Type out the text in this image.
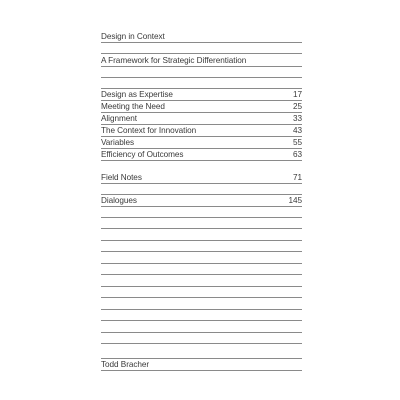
Design in Context
A Framework for Strategic Differentiation
Design as Expertise	17
Meeting the Need	25
Alignment	33
The Context for Innovation	43
Variables	55
Efficiency of Outcomes	63
Field Notes	71
Dialogues	145
Todd Bracher
